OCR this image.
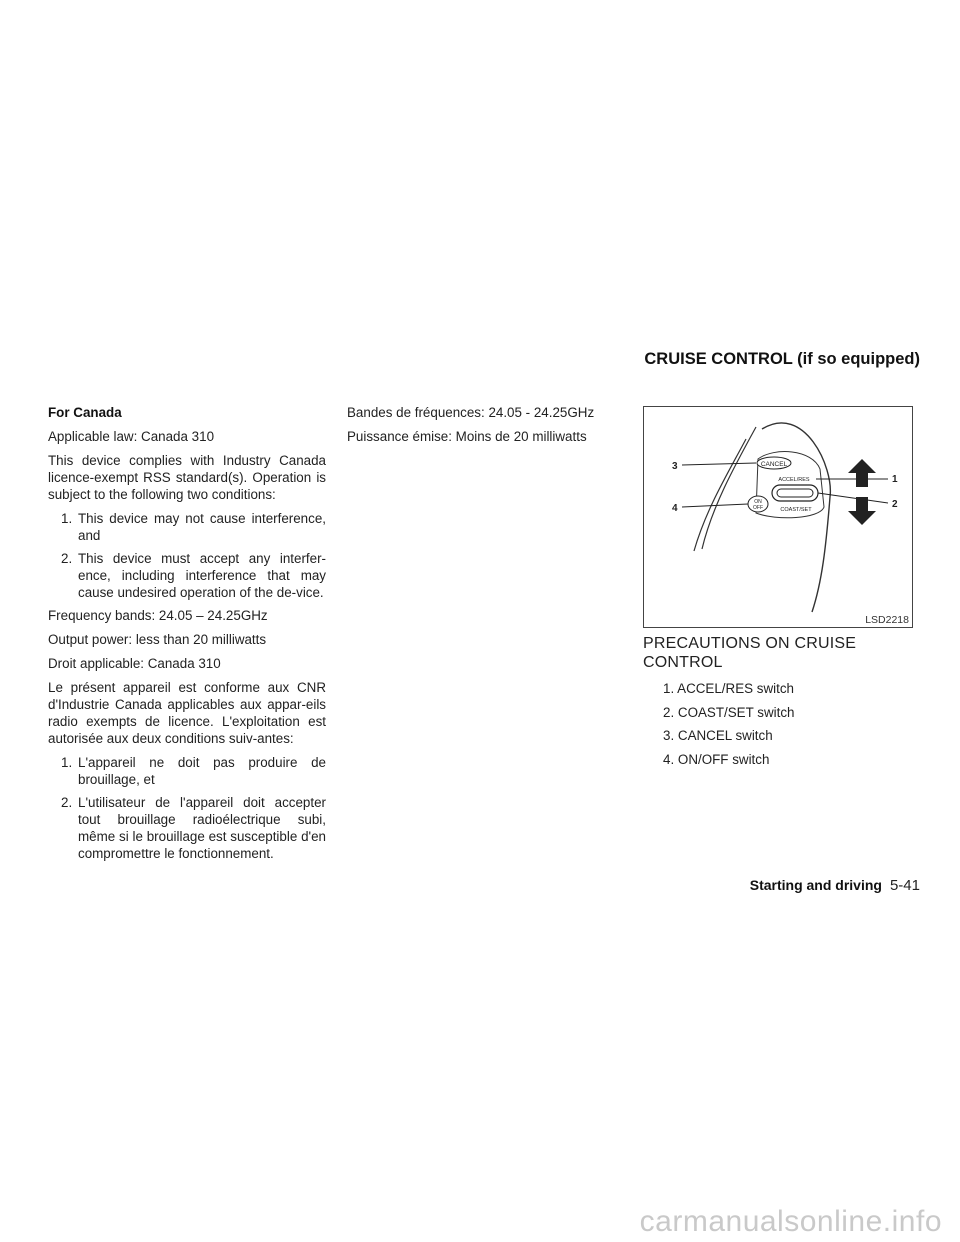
CRUISE CONTROL (if so equipped)

For Canada

Applicable law: Canada 310

This device complies with Industry Canada licence-exempt RSS standard(s). Operation is subject to the following two conditions:

1. This device may not cause interference, and
2. This device must accept any interfer-ence, including interference that may cause undesired operation of the de-vice.

Frequency bands: 24.05 – 24.25GHz

Output power: less than 20 milliwatts

Droit applicable: Canada 310

Le présent appareil est conforme aux CNR d'Industrie Canada applicables aux appar-eils radio exempts de licence. L'exploitation est autorisée aux deux conditions suiv-antes:

1. L'appareil ne doit pas produire de brouillage, et
2. L'utilisateur de l'appareil doit accepter tout brouillage radioélectrique subi, même si le brouillage est susceptible d'en compromettre le fonctionnement.

Bandes de fréquences: 24.05 - 24.25GHz

Puissance émise: Moins de 20 milliwatts

CANCEL
ACCEL/RES
COAST/SET
ON
OFF
1
2
3
4
LSD2218
PRECAUTIONS ON CRUISE CONTROL
1. ACCEL/RES switch
2. COAST/SET switch
3. CANCEL switch
4. ON/OFF switch
Starting and driving 5-41
carmanualsonline.info
